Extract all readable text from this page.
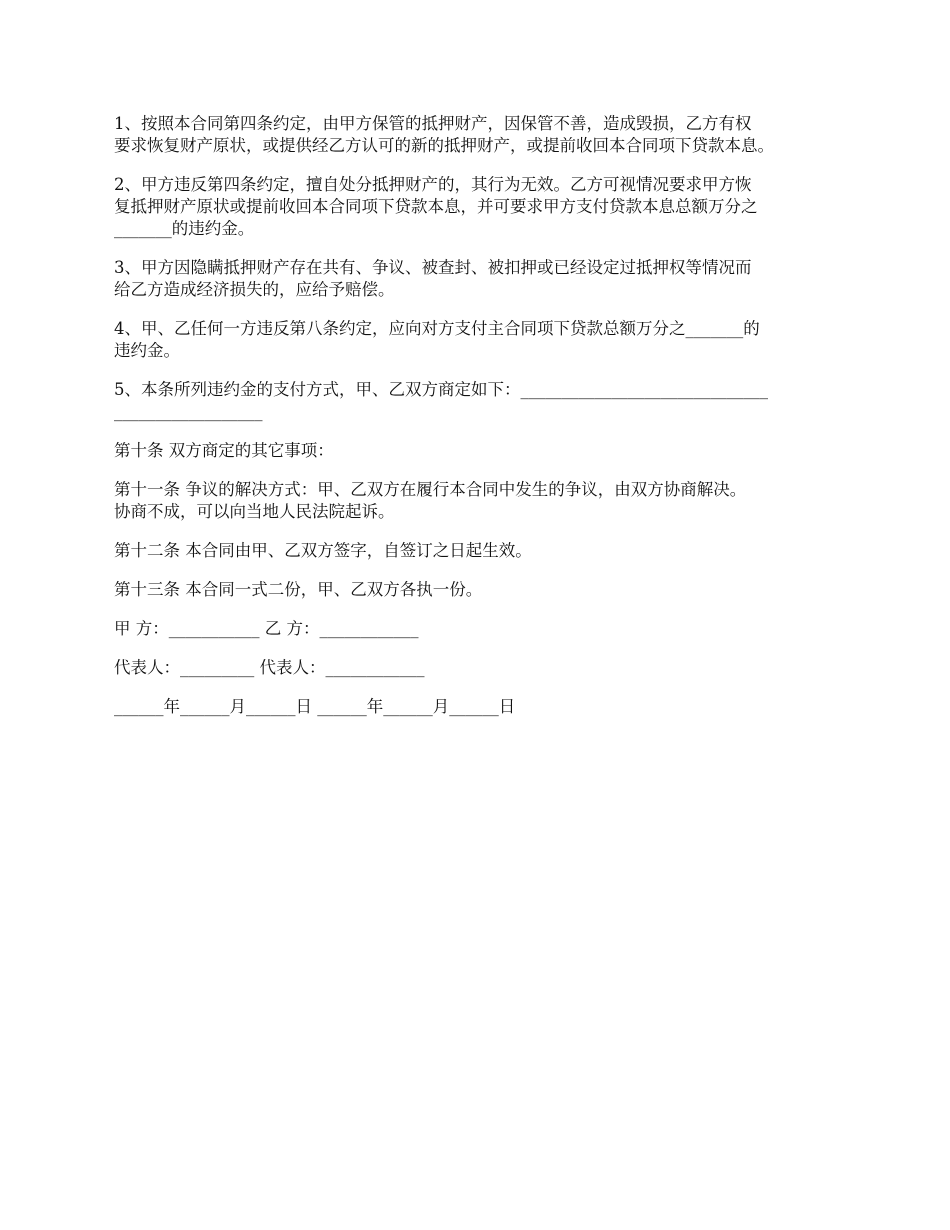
1、按照本合同第四条约定，由甲方保管的抵押财产，因保管不善，造成毁损，乙方有权
要求恢复财产原状，或提供经乙方认可的新的抵押财产，或提前收回本合同项下贷款本息。
2、甲方违反第四条约定，擅自处分抵押财产的，其行为无效。乙方可视情况要求甲方恢
复抵押财产原状或提前收回本合同项下贷款本息，并可要求甲方支付贷款本息总额万分之
_______的违约金。
3、甲方因隐瞒抵押财产存在共有、争议、被查封、被扣押或已经设定过抵押权等情况而
给乙方造成经济损失的，应给予赔偿。
4、甲、乙任何一方违反第八条约定，应向对方支付主合同项下贷款总额万分之_______的
违约金。
5、本条所列违约金的支付方式，甲、乙双方商定如下：______________________________
__________________
第十条 双方商定的其它事项：
第十一条 争议的解决方式：甲、乙双方在履行本合同中发生的争议，由双方协商解决。
协商不成，可以向当地人民法院起诉。
第十二条 本合同由甲、乙双方签字，自签订之日起生效。
第十三条 本合同一式二份，甲、乙双方各执一份。
甲 方：___________ 乙 方：____________
代表人：_________ 代表人：____________
______年______月______日 ______年______月______日
